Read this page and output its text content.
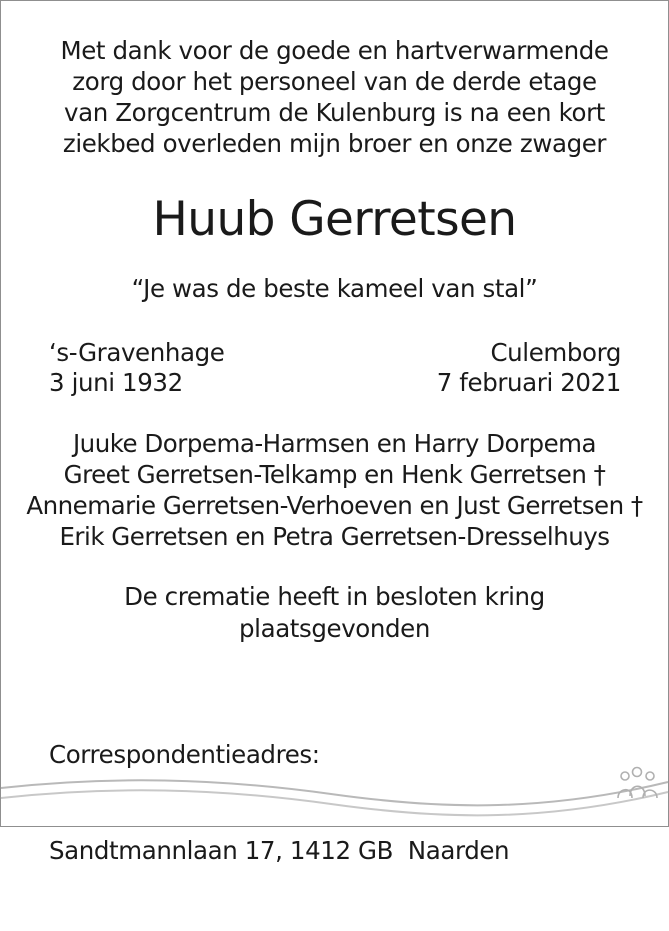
Met dank voor de goede en hartverwarmende
zorg door het personeel van de derde etage
van Zorgcentrum de Kulenburg is na een kort
ziekbed overleden mijn broer en onze zwager
Huub Gerretsen
“Je was de beste kameel van stal”
‘s-Gravenhage
3 juni 1932
Culemborg
7 februari 2021
Juuke Dorpema-Harmsen en Harry Dorpema
Greet Gerretsen-Telkamp en Henk Gerretsen †
Annemarie Gerretsen-Verhoeven en Just Gerretsen †
Erik Gerretsen en Petra Gerretsen-Dresselhuys
De crematie heeft in besloten kring
plaatsgevonden

Correspondentieadres:

Sandtmannlaan 17, 1412 GB  Naarden
